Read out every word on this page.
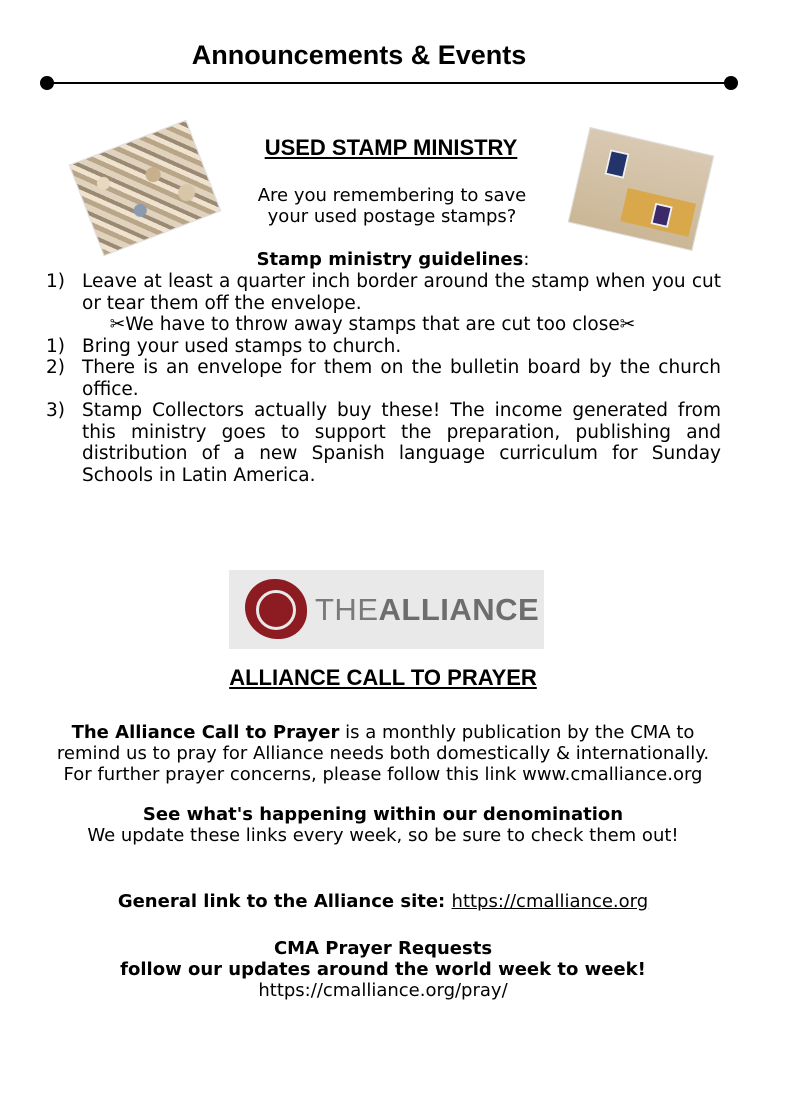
Announcements & Events
USED STAMP MINISTRY
Are you remembering to save
your used postage stamps?
Stamp ministry guidelines:
1) Leave at least a quarter inch border around the stamp when you cut or tear them off the envelope.
✂We have to throw away stamps that are cut too close✂
1) Bring your used stamps to church.
2) There is an envelope for them on the bulletin board by the church office.
3) Stamp Collectors actually buy these! The income generated from this ministry goes to support the preparation, publishing and distribution of a new Spanish language curriculum for Sunday Schools in Latin America.
THEALLIANCE
ALLIANCE CALL TO PRAYER
The Alliance Call to Prayer is a monthly publication by the CMA to
remind us to pray for Alliance needs both domestically & internationally.
For further prayer concerns, please follow this link www.cmalliance.org
See what's happening within our denomination
We update these links every week, so be sure to check them out!
General link to the Alliance site: https://cmalliance.org
CMA Prayer Requests
follow our updates around the world week to week!
https://cmalliance.org/pray/
